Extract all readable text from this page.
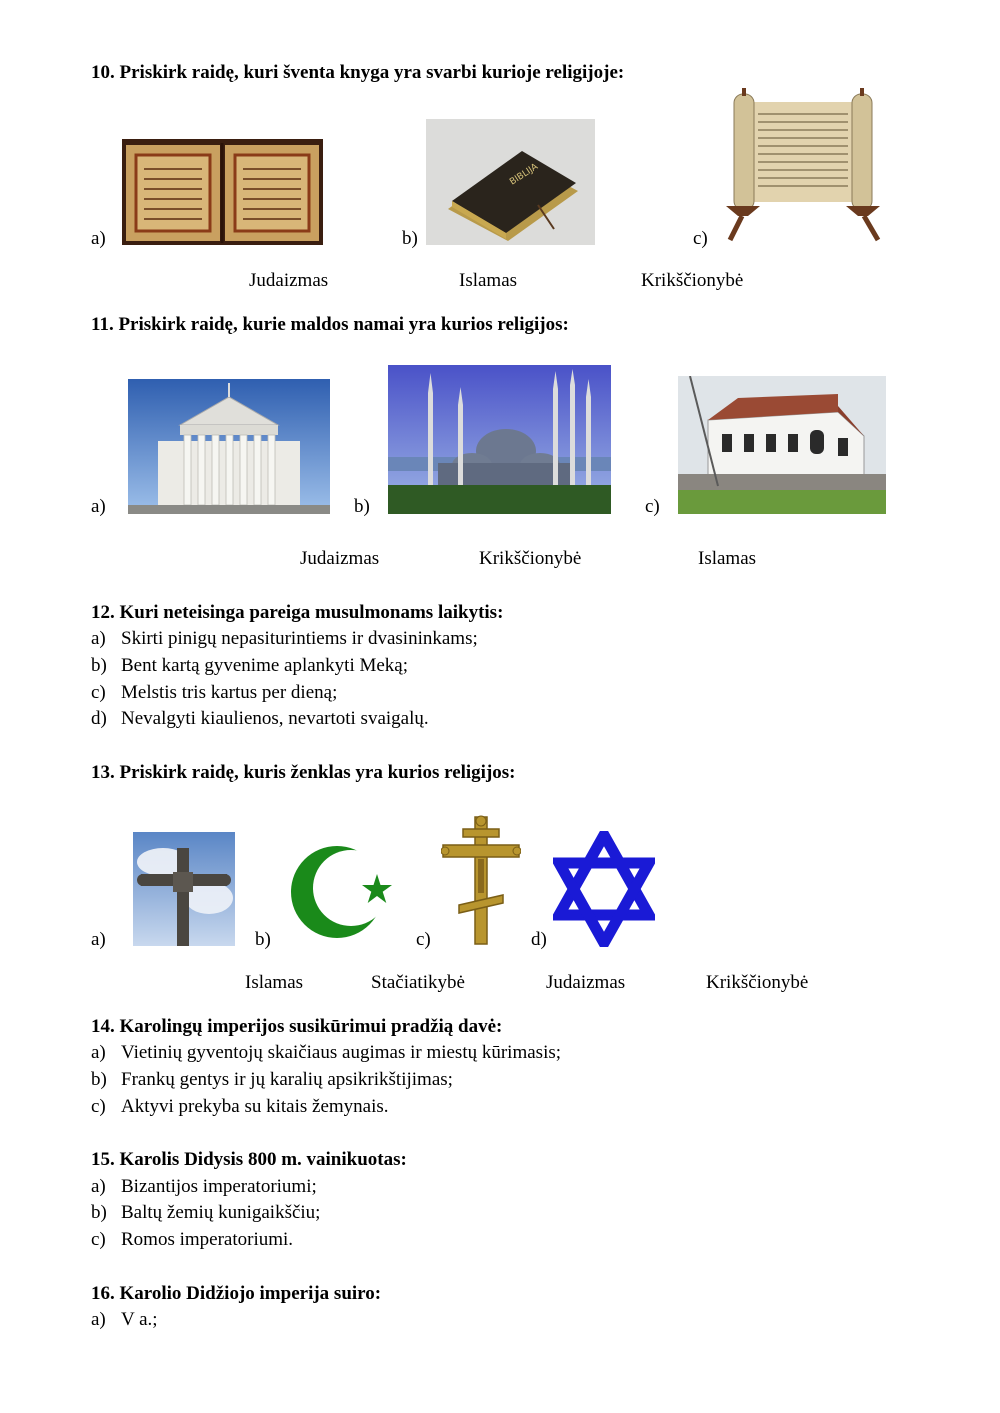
10. Priskirk raidę, kuri šventa knyga yra svarbi kurioje religijoje:
a)	b)
BIBLIJA
c)
Judaizmas	Islamas	Krikščionybė
11. Priskirk raidę, kurie maldos namai yra kurios religijos:
a)	b)	c)
Judaizmas	Krikščionybė	Islamas
12. Kuri neteisinga pareiga musulmonams laikytis:
a) Skirti pinigų nepasiturintiems ir dvasininkams;
b) Bent kartą gyvenime aplankyti Meką;
c) Melstis tris kartus per dieną;
d) Nevalgyti kiaulienos, nevartoti svaigalų.
13. Priskirk raidę, kuris ženklas yra kurios religijos:
a)	b)	c)	d)
Islamas	Stačiatikybė	Judaizmas	Krikščionybė
14. Karolingų imperijos susikūrimui pradžią davė:
a) Vietinių gyventojų skaičiaus augimas ir miestų kūrimasis;
b) Frankų gentys ir jų karalių apsikrikštijimas;
c) Aktyvi prekyba su kitais žemynais.
15. Karolis Didysis 800 m. vainikuotas:
a) Bizantijos imperatoriumi;
b) Baltų žemių kunigaikščiu;
c) Romos imperatoriumi.
16. Karolio Didžiojo imperija suiro:
a) V a.;
